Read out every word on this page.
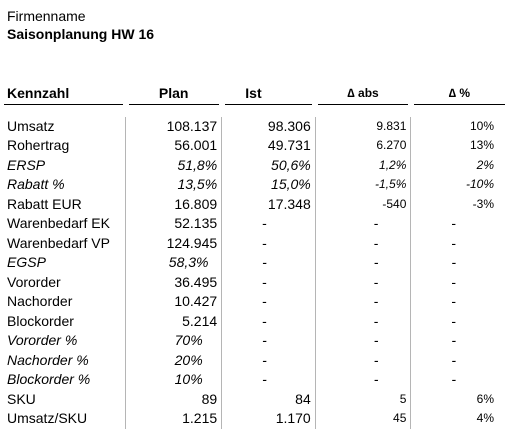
Firmenname
Saisonplanung HW 16
Kennzahl	Plan	Ist	∆ abs	∆ %

Umsatz	108.137	98.306	9.831	10%
Rohertrag	56.001	49.731	6.270	13%
ERSP	51,8%	50,6%	1,2%	2%
Rabatt %	13,5%	15,0%	-1,5%	-10%
Rabatt EUR	16.809	17.348	-540	-3%
Warenbedarf EK	52.135	-	-	-
Warenbedarf VP	124.945	-	-	-
EGSP	58,3%	-	-	-
Vororder	36.495	-	-	-
Nachorder	10.427	-	-	-
Blockorder	5.214	-	-	-
Vororder %	70%	-	-	-
Nachorder %	20%	-	-	-
Blockorder %	10%	-	-	-
SKU	89	84	5	6%
Umsatz/SKU	1.215	1.170	45	4%
